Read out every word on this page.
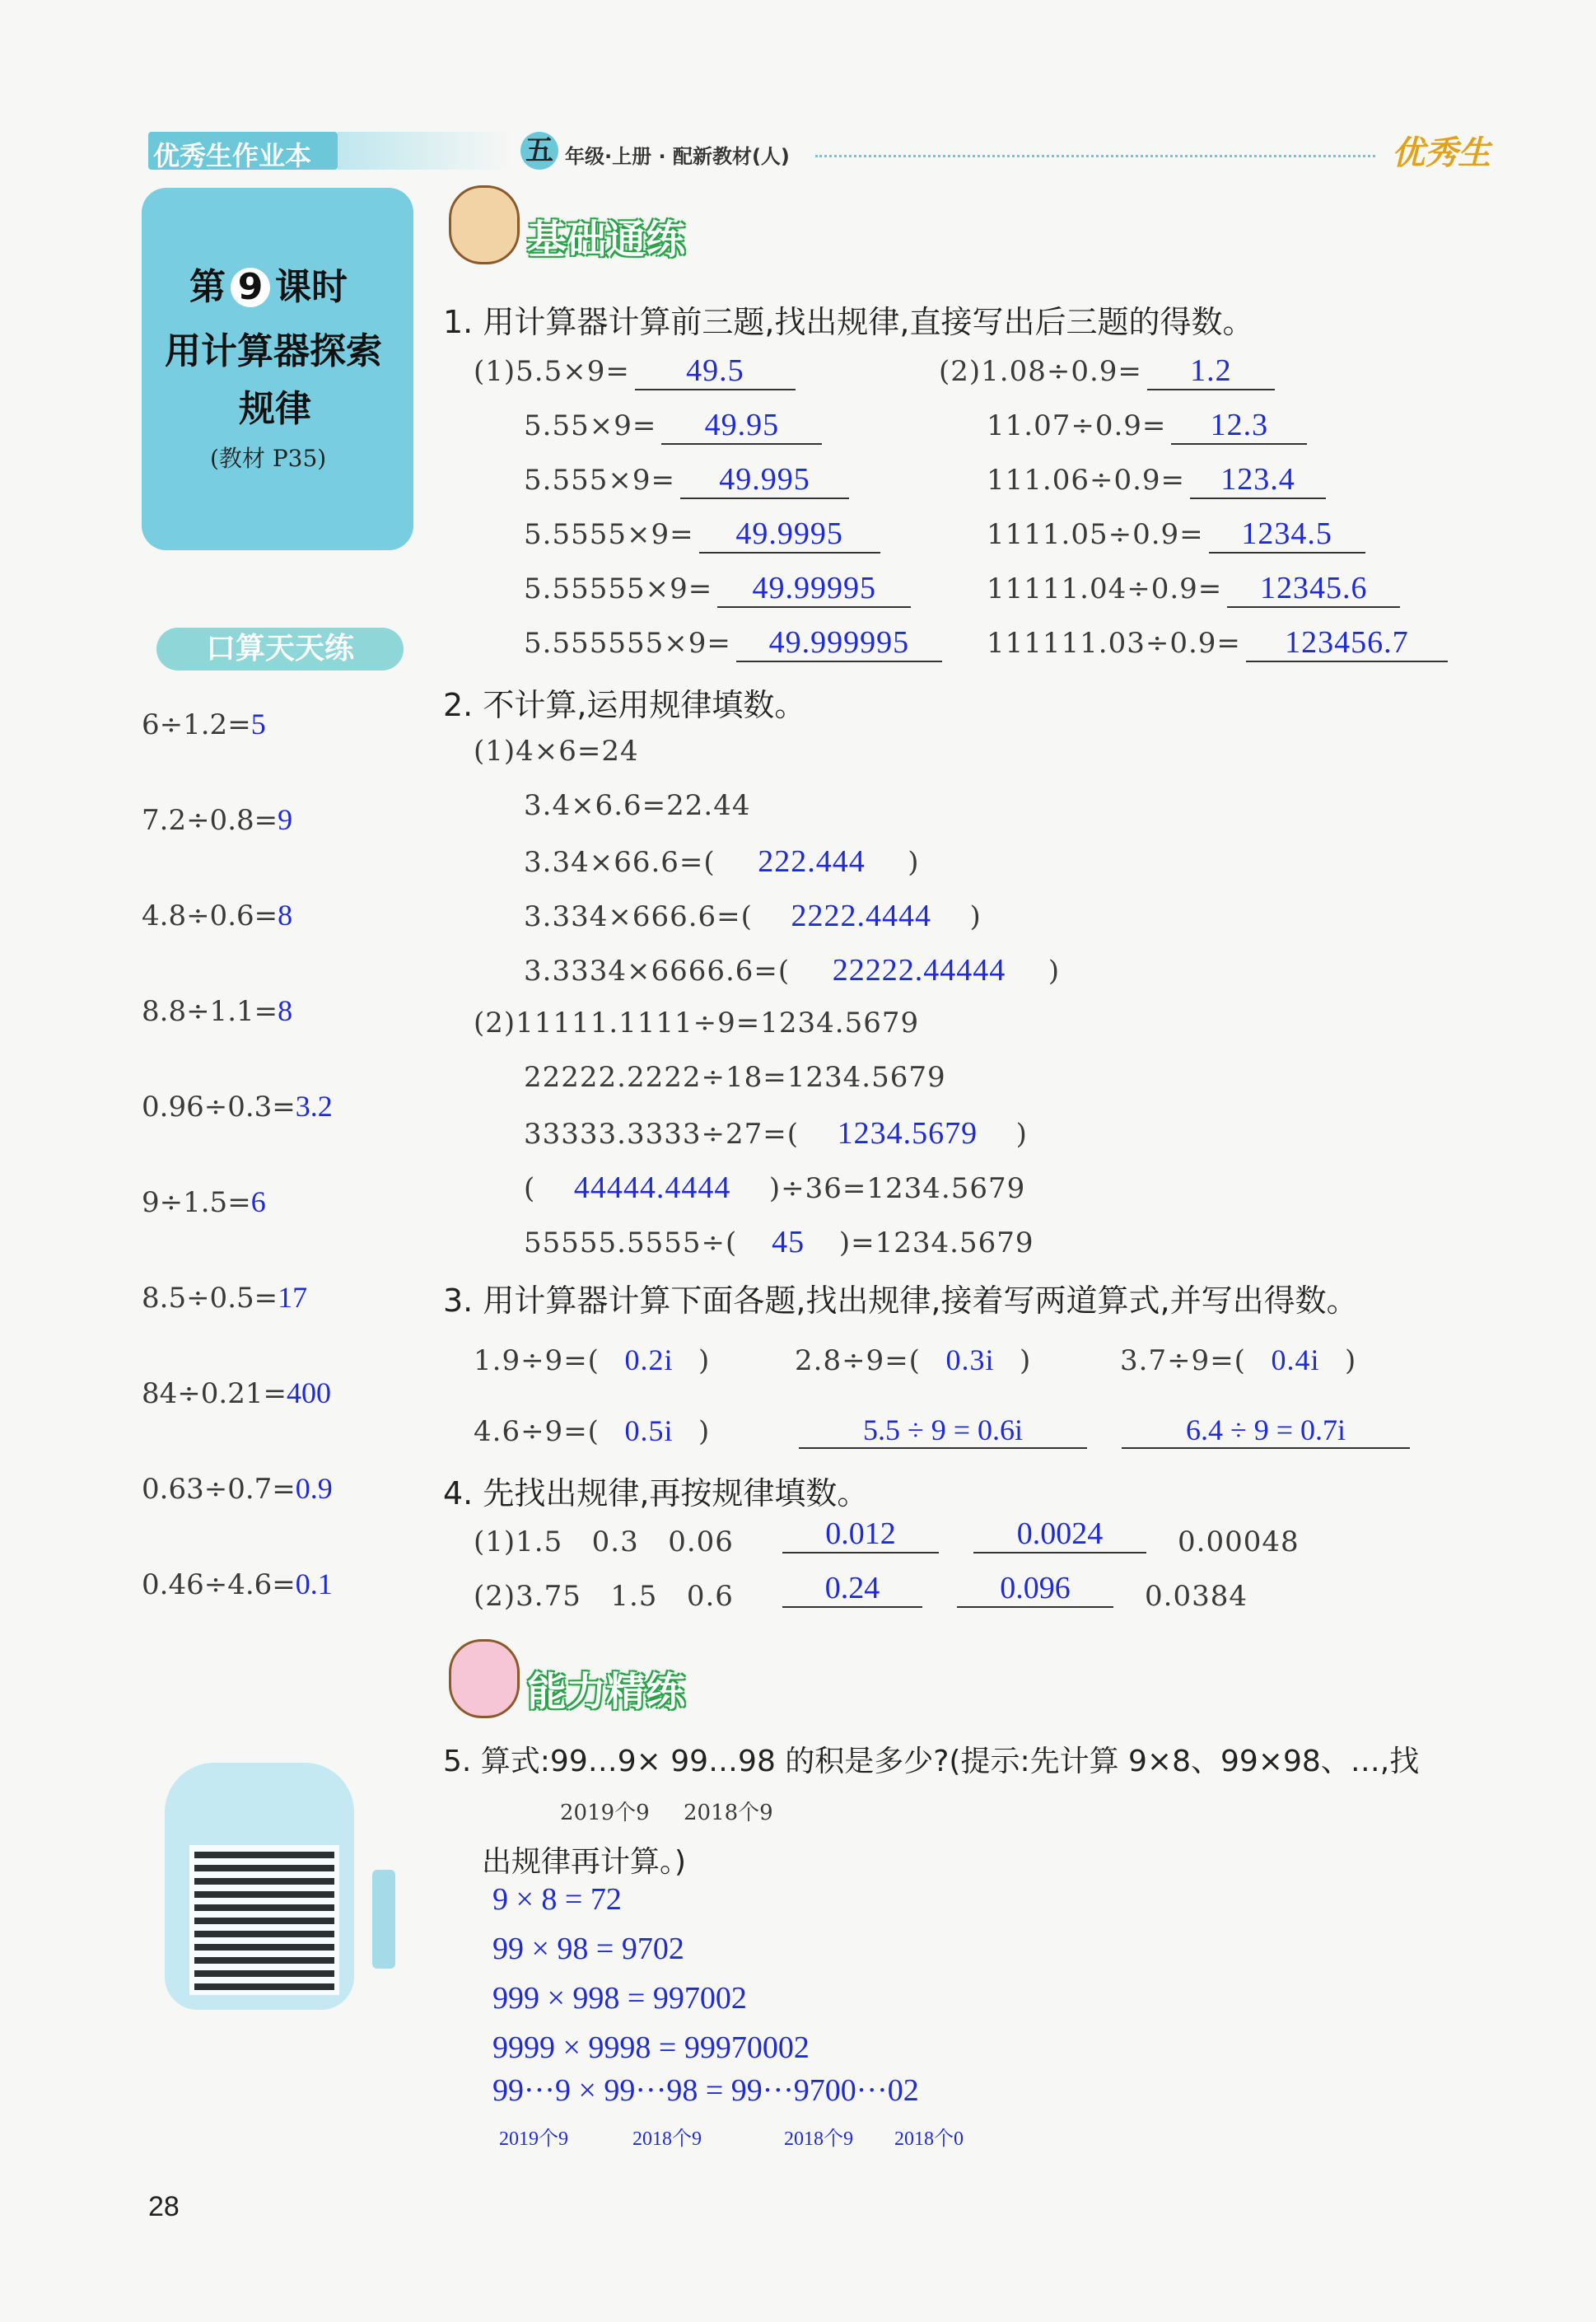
优秀生作业本	五 年级·上册 · 配新教材(人)	优秀生
第 9 课时
用计算器探索
规律
(教材 P35)
基础通练
口算天天练
6÷1.2=5
7.2÷0.8=9
4.8÷0.6=8
8.8÷1.1=8
0.96÷0.3=3.2
9÷1.5=6
8.5÷0.5=17
84÷0.21=400
0.63÷0.7=0.9
0.46÷4.6=0.1
1. 用计算器计算前三题,找出规律,直接写出后三题的得数。
(1)5.5×9= 49.5
5.55×9= 49.95
5.555×9= 49.995
5.5555×9= 49.9995
5.55555×9= 49.99995
5.555555×9= 49.999995
(2)1.08÷0.9= 1.2
11.07÷0.9= 12.3
111.06÷0.9= 123.4
1111.05÷0.9= 1234.5
11111.04÷0.9= 12345.6
111111.03÷0.9= 123456.7
2. 不计算,运用规律填数。
(1)4×6=24
3.4×6.6=22.44
3.34×66.6=( 222.444 )
3.334×666.6=( 2222.4444 )
3.3334×6666.6=( 22222.44444 )
(2)11111.1111÷9=1234.5679
22222.2222÷18=1234.5679
33333.3333÷27=( 1234.5679 )
( 44444.4444 )÷36=1234.5679
55555.5555÷( 45 )=1234.5679
3. 用计算器计算下面各题,找出规律,接着写两道算式,并写出得数。
1.9÷9=( 0.2i )	2.8÷9=( 0.3i )	3.7÷9=( 0.4i )
4.6÷9=( 0.5i )	5.5 ÷ 9 = 0.6i	6.4 ÷ 9 = 0.7i
4. 先找出规律,再按规律填数。
(1)1.5 0.3 0.06	0.012	0.0024	0.00048
(2)3.75 1.5 0.6	0.24	0.096	0.0384
能力精练
5. 算式:99…9× 99…98 的积是多少?(提示:先计算 9×8、99×98、…,找
2019个9 2018个9
出规律再计算。)
9 × 8 = 72
99 × 98 = 9702
999 × 998 = 997002
9999 × 9998 = 99970002
99···9 × 99···98 = 99···9700···02
2019个9	2018个9	2018个9 2018个0
28
